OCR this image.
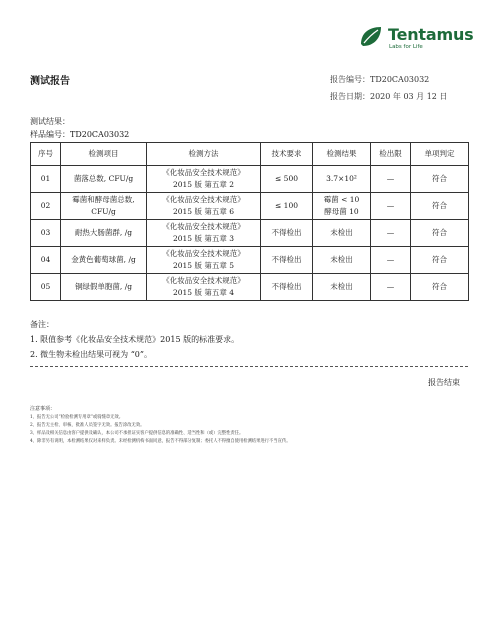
Tentamus
Labs for Life
测试报告	报告编号：TD20CA03032
报告日期：2020 年 03 月 12 日
测试结果：
样品编号：TD20CA03032
序号	检测项目	检测方法	技术要求	检测结果	检出限	单项判定
01	菌落总数, CFU/g	《化妆品安全技术规范》
2015 版 第五章 2	≤ 500	3.7×10²	—	符合
02	霉菌和酵母菌总数,
CFU/g	《化妆品安全技术规范》
2015 版 第五章 6	≤ 100	霉菌 < 10
酵母菌 10	—	符合
03	耐热大肠菌群, /g	《化妆品安全技术规范》
2015 版 第五章 3	不得检出	未检出	—	符合
04	金黄色葡萄球菌, /g	《化妆品安全技术规范》
2015 版 第五章 5	不得检出	未检出	—	符合
05	铜绿假单胞菌, /g	《化妆品安全技术规范》
2015 版 第五章 4	不得检出	未检出	—	符合
备注：
1. 限值参考《化妆品安全技术规范》2015 版的标准要求。
2. 微生物未检出结果可视为 “0”。
报告结束
注意事项：
1、报告无公司“检验检测专用章”或骑缝章无效。
2、报告无主检、审核、批准人员签字无效。报告涂改无效。
3、样品及相关信息由客户提供及确认，本公司不承担证实客户提供信息的准确性、适当性和（或）完整性责任。
4、除非另有说明，本检测结果仅对来样负责。未经检测机构书面同意，报告不得部分复制；委托人不得擅自使用检测结果进行不当宣传。
